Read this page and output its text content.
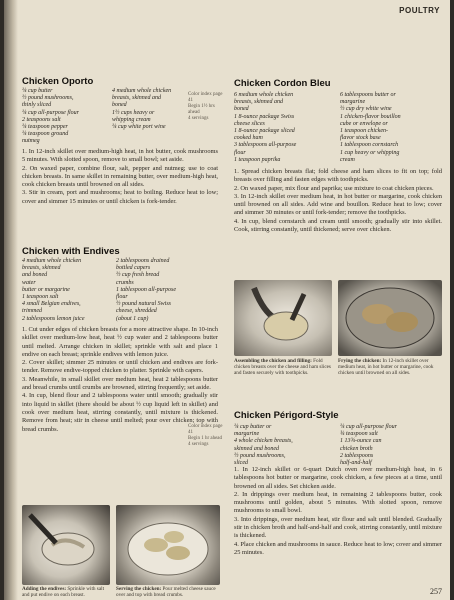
Chicken Oporto
¼ cup butter
½ pound mushrooms,
thinly sliced
¼ cup all-purpose flour
2 teaspoons salt
¼ teaspoon pepper
¼ teaspoon ground
nutmeg
4 medium whole chicken
breasts, skinned and
boned
1½ cups heavy or
whipping cream
¼ cup white port wine

1. In 12-inch skillet over medium-high heat, in hot butter, cook mushrooms 5 minutes. With slotted spoon, remove to small bowl; set aside.

2. On waxed paper, combine flour, salt, pepper and nutmeg; use to coat chicken breasts. In same skillet in remaining butter, over medium-high heat, cook chicken breasts until browned on all sides.

3. Stir in cream, port and mushrooms; heat to boiling. Reduce heat to low; cover and simmer 15 minutes or until chicken is fork-tender.

Chicken with Endives
4 medium whole chicken
breasts, skinned
and boned
water
butter or margarine
1 teaspoon salt
4 small Belgian endives,
trimmed
2 tablespoons lemon juice
2 tablespoons drained
bottled capers
½ cup fresh bread
crumbs
1 tablespoon all-purpose
flour
½ pound natural Swiss
cheese, shredded
(about 1 cup)

1. Cut under edges of chicken breasts for a more attractive shape. In 10-inch skillet over medium-low heat, heat ½ cup water and 2 tablespoons butter until melted. Arrange chicken in skillet; sprinkle with salt and place 1 endive on each breast; sprinkle endives with lemon juice.

2. Cover skillet; simmer 25 minutes or until chicken and endives are fork-tender. Remove endive-topped chicken to platter. Sprinkle with capers.

3. Meanwhile, in small skillet over medium heat, heat 2 tablespoons butter and bread crumbs until crumbs are browned, stirring frequently; set aside.

4. In cup, blend flour and 2 tablespoons water until smooth; gradually stir into liquid in skillet (there should be about ½ cup liquid left in skillet) and cook over medium heat, stirring constantly, until mixture is thickened. Remove from heat; stir in cheese until melted; pour over chicken; top with bread crumbs.

Adding the endives: Sprinkle with salt and put endive on each breast.
Serving the chicken: Pour melted cheese sauce over and top with bread crumbs.
POULTRY
Chicken Cordon Bleu
Color index page 41
Begin 1½ hrs ahead
4 servings
6 medium whole chicken
breasts, skinned and
boned
1 8-ounce package Swiss
cheese slices
1 8-ounce package sliced
cooked ham
3 tablespoons all-purpose
flour
1 teaspoon paprika
6 tablespoons butter or
margarine
½ cup dry white wine
1 chicken-flavor bouillon
cube or envelope or
1 teaspoon chicken-
flavor stock base
1 tablespoon cornstarch
1 cup heavy or whipping
cream

1. Spread chicken breasts flat; fold cheese and ham slices to fit on top; fold breasts over filling and fasten edges with toothpicks.

2. On waxed paper, mix flour and paprika; use mixture to coat chicken pieces.

3. In 12-inch skillet over medium heat, in hot butter or margarine, cook chicken until browned on all sides. Add wine and bouillon. Reduce heat to low; cover and simmer 30 minutes or until fork-tender; remove the toothpicks.

4. In cup, blend cornstarch and cream until smooth; gradually stir into skillet. Cook, stirring constantly, until thickened; serve over chicken.

Assembling the chicken and filling: Fold chicken breasts over the cheese and ham slices and fasten securely with toothpicks.
Frying the chicken: In 12-inch skillet over medium heat, in hot butter or margarine, cook chicken until browned on all sides.
Chicken Périgord-Style
Color index page 41
Begin 1 hr ahead
4 servings
¼ cup butter or
margarine
4 whole chicken breasts,
skinned and boned
½ pound mushrooms,
sliced
¼ cup all-purpose flour
¾ teaspoon salt
1 13¾-ounce can
chicken broth
2 tablespoons
half-and-half

1. In 12-inch skillet or 6-quart Dutch oven over medium-high heat, in 6 tablespoons hot butter or margarine, cook chicken, a few pieces at a time, until browned on all sides. Set chicken aside.

2. In drippings over medium heat, in remaining 2 tablespoons butter, cook mushrooms until golden, about 5 minutes. With slotted spoon, remove mushrooms to small bowl.

3. Into drippings, over medium heat, stir flour and salt until blended. Gradually stir in chicken broth and half-and-half and cook, stirring constantly, until mixture is thickened.

4. Place chicken and mushrooms in sauce. Reduce heat to low; cover and simmer 25 minutes.

257
